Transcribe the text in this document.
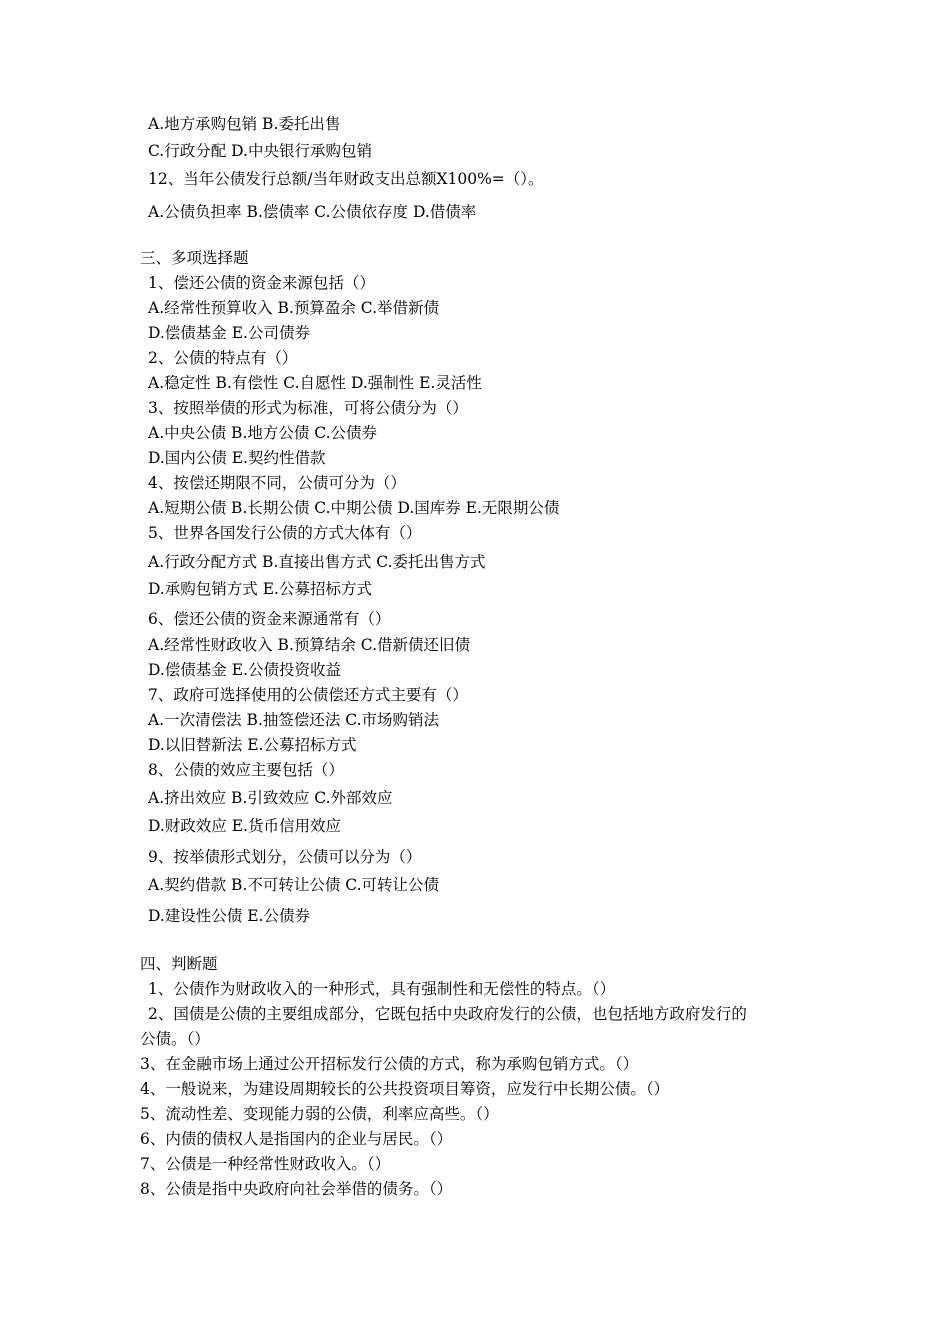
A.地方承购包销 B.委托出售

C.行政分配 D.中央银行承购包销

12、当年公债发行总额/当年财政支出总额X100%=（）。

A.公债负担率 B.偿债率 C.公债依存度 D.借债率

三、多项选择题

1、偿还公债的资金来源包括（）

A.经常性预算收入 B.预算盈余 C.举借新债

D.偿债基金 E.公司债券

2、公债的特点有（）

A.稳定性 B.有偿性 C.自愿性 D.强制性 E.灵活性

3、按照举债的形式为标准，可将公债分为（）

A.中央公债 B.地方公债 C.公债券

D.国内公债 E.契约性借款

4、按偿还期限不同，公债可分为（）

A.短期公债 B.长期公债 C.中期公债 D.国库券 E.无限期公债

5、世界各国发行公债的方式大体有（）

A.行政分配方式 B.直接出售方式 C.委托出售方式

D.承购包销方式 E.公募招标方式

6、偿还公债的资金来源通常有（）

A.经常性财政收入 B.预算结余 C.借新债还旧债

D.偿债基金 E.公债投资收益

7、政府可选择使用的公债偿还方式主要有（）

A.一次清偿法 B.抽签偿还法 C.市场购销法

D.以旧替新法 E.公募招标方式

8、公债的效应主要包括（）

A.挤出效应 B.引致效应 C.外部效应

D.财政效应 E.货币信用效应

9、按举债形式划分，公债可以分为（）

A.契约借款 B.不可转让公债 C.可转让公债

D.建设性公债 E.公债券

四、判断题

1、公债作为财政收入的一种形式，具有强制性和无偿性的特点。（）

2、国债是公债的主要组成部分，它既包括中央政府发行的公债，也包括地方政府发行的

公债。（）

3、在金融市场上通过公开招标发行公债的方式，称为承购包销方式。（）

4、一般说来，为建设周期较长的公共投资项目筹资，应发行中长期公债。（）

5、流动性差、变现能力弱的公债，利率应高些。（）

6、内债的债权人是指国内的企业与居民。（）

7、公债是一种经常性财政收入。（）

8、公债是指中央政府向社会举借的债务。（）
